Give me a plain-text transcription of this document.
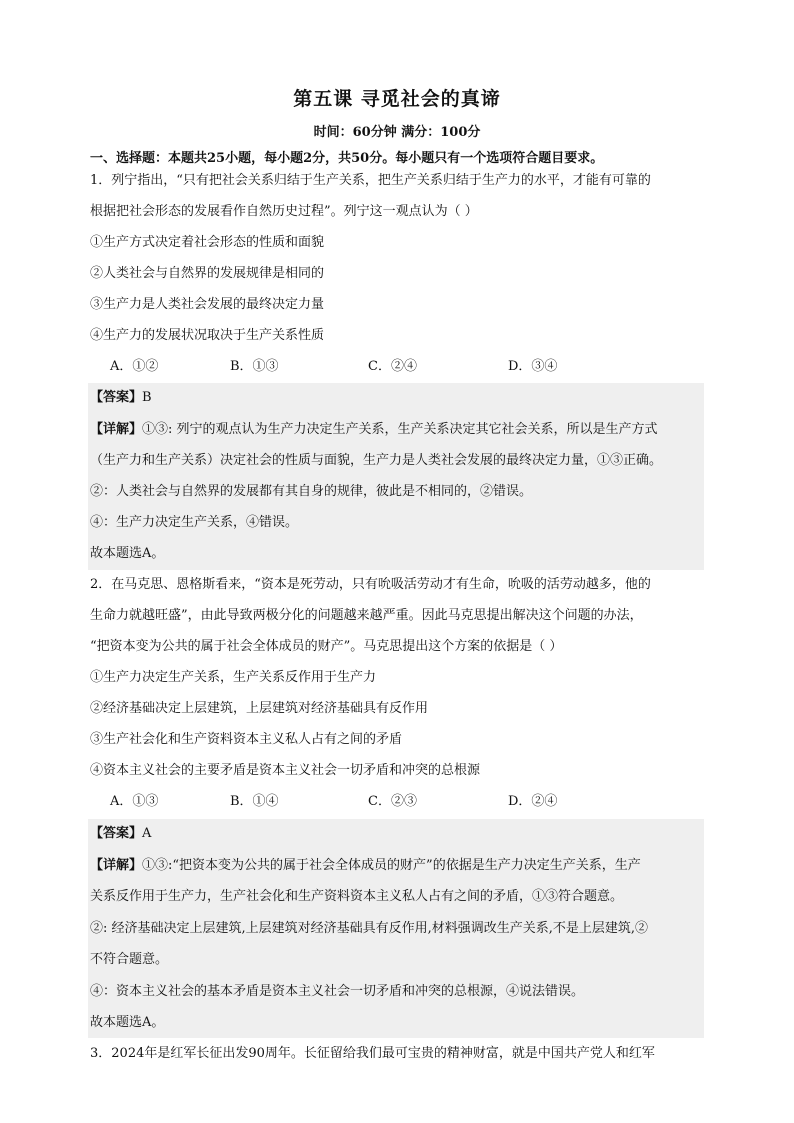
第五课 寻觅社会的真谛
时间：60分钟 满分：100分
一、选择题：本题共25小题，每小题2分，共50分。每小题只有一个选项符合题目要求。
1．列宁指出，“只有把社会关系归结于生产关系，把生产关系归结于生产力的水平，才能有可靠的
根据把社会形态的发展看作自然历史过程”。列宁这一观点认为（ ）
①生产方式决定着社会形态的性质和面貌
②人类社会与自然界的发展规律是相同的
③生产力是人类社会发展的最终决定力量
④生产力的发展状况取决于生产关系性质
A．①②	B．①③	C．②④	D．③④
【答案】B
【详解】①③: 列宁的观点认为生产力决定生产关系，生产关系决定其它社会关系，所以是生产方式
（生产力和生产关系）决定社会的性质与面貌，生产力是人类社会发展的最终决定力量，①③正确。
②：人类社会与自然界的发展都有其自身的规律，彼此是不相同的，②错误。
④：生产力决定生产关系，④错误。
故本题选A。
2．在马克思、恩格斯看来，“资本是死劳动，只有吮吸活劳动才有生命，吮吸的活劳动越多，他的
生命力就越旺盛”，由此导致两极分化的问题越来越严重。因此马克思提出解决这个问题的办法，
“把资本变为公共的属于社会全体成员的财产”。马克思提出这个方案的依据是（ ）
①生产力决定生产关系，生产关系反作用于生产力
②经济基础决定上层建筑，上层建筑对经济基础具有反作用
③生产社会化和生产资料资本主义私人占有之间的矛盾
④资本主义社会的主要矛盾是资本主义社会一切矛盾和冲突的总根源
A．①③	B．①④	C．②③	D．②④
【答案】A
【详解】①③:“把资本变为公共的属于社会全体成员的财产”的依据是生产力决定生产关系，生产
关系反作用于生产力，生产社会化和生产资料资本主义私人占有之间的矛盾，①③符合题意。
②: 经济基础决定上层建筑,上层建筑对经济基础具有反作用,材料强调改生产关系,不是上层建筑,②
不符合题意。
④：资本主义社会的基本矛盾是资本主义社会一切矛盾和冲突的总根源，④说法错误。
故本题选A。
3．2024年是红军长征出发90周年。长征留给我们最可宝贵的精神财富，就是中国共产党人和红军
